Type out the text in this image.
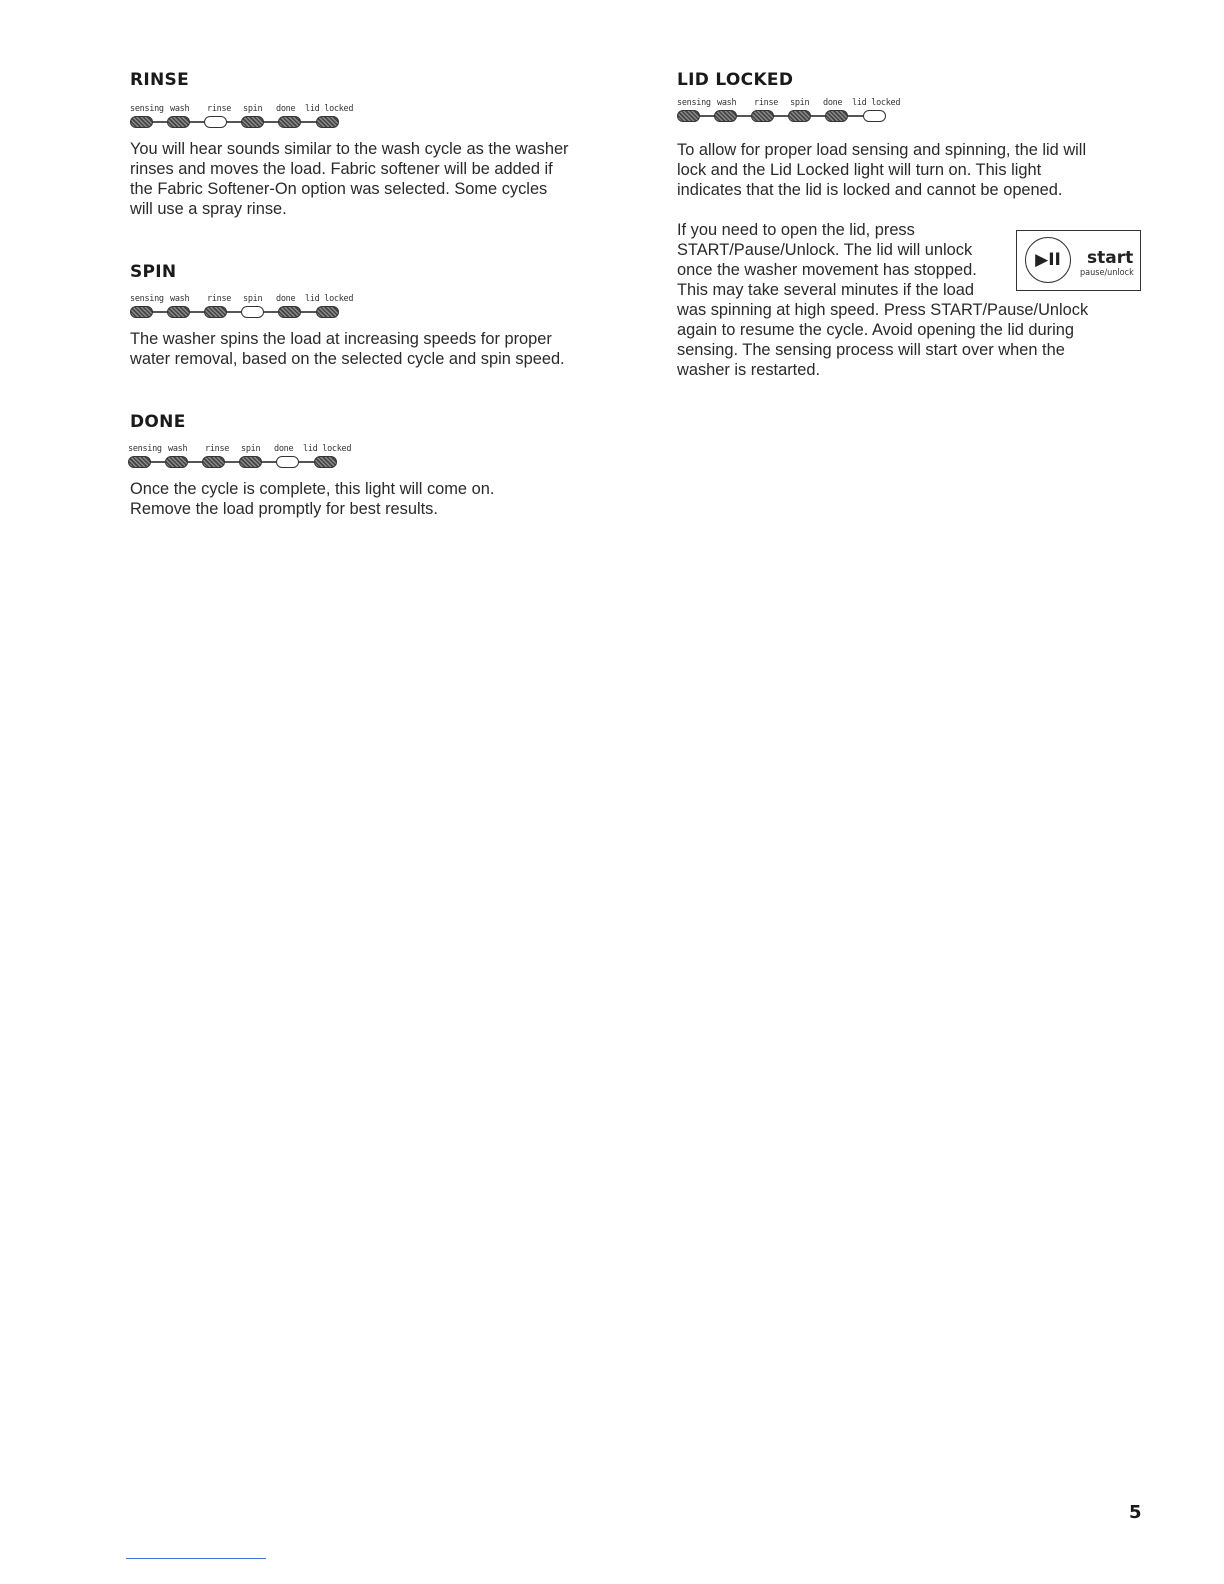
RINSE
sensing wash rinse spin done lid locked

You will hear sounds similar to the wash cycle as the washer
rinses and moves the load. Fabric softener will be added if
the Fabric Softener-On option was selected. Some cycles
will use a spray rinse.

SPIN
sensing wash rinse spin done lid locked

The washer spins the load at increasing speeds for proper
water removal, based on the selected cycle and spin speed.

DONE
sensing wash rinse spin done lid locked

Once the cycle is complete, this light will come on.
Remove the load promptly for best results.

LID LOCKED
sensing wash rinse spin done lid locked

To allow for proper load sensing and spinning, the lid will
lock and the Lid Locked light will turn on. This light
indicates that the lid is locked and cannot be opened.

If you need to open the lid, press
START/Pause/Unlock. The lid will unlock
once the washer movement has stopped.
This may take several minutes if the load
was spinning at high speed. Press START/Pause/Unlock
again to resume the cycle. Avoid opening the lid during
sensing. The sensing process will start over when the
washer is restarted.

▶II	start
pause/unlock
5
